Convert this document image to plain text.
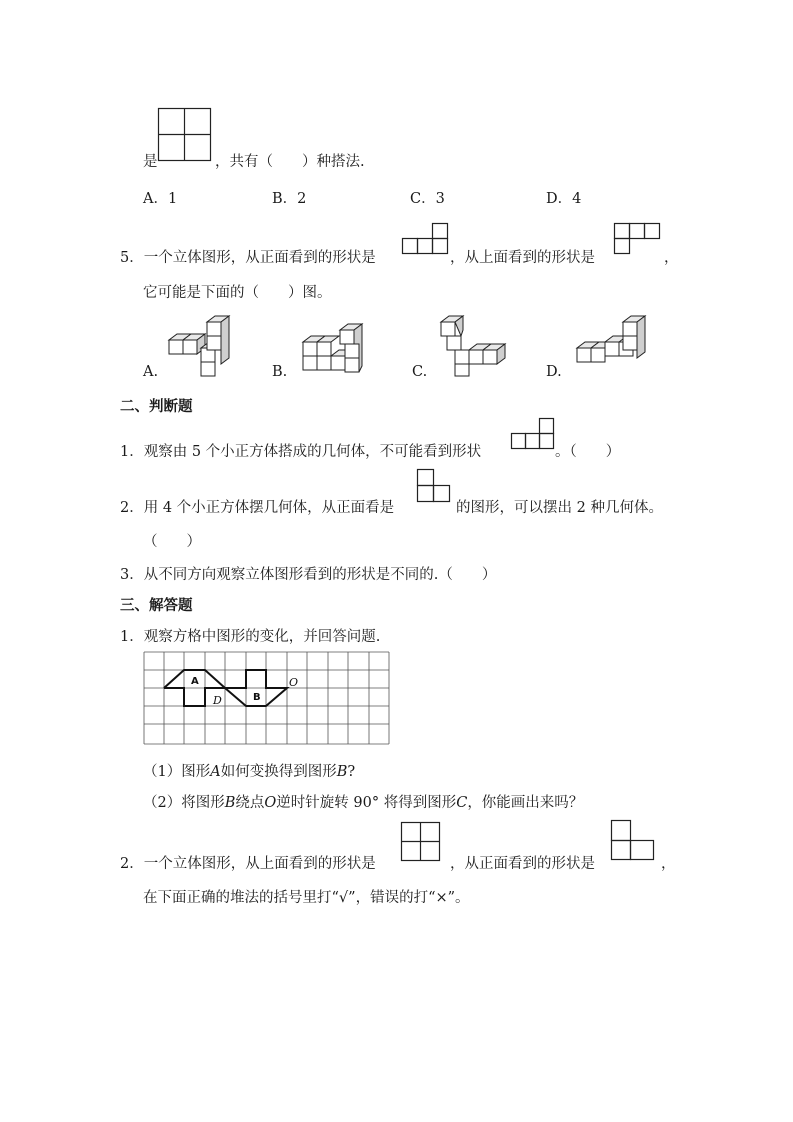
是	，共有（　　）种搭法.
A．1	B．2	C．3	D．4
5．一个立体图形，从正面看到的形状是	，从上面看到的形状是	，
它可能是下面的（　　）图。
A.	B.	C.	D.
二、判断题
1．观察由 5 个小正方体搭成的几何体，不可能看到形状	。（　　）
2．用 4 个小正方体摆几何体，从正面看是	的图形，可以摆出 2 种几何体。
（　　）
3．从不同方向观察立体图形看到的形状是不同的.（　　）
三、解答题
1．观察方格中图形的变化，并回答问题.
A
B
D
O
（1）图形A如何变换得到图形B?
（2）将图形B绕点O逆时针旋转 90° 将得到图形C，你能画出来吗？
2．一个立体图形，从上面看到的形状是	，从正面看到的形状是	，
在下面正确的堆法的括号里打“√”，错误的打“×”。
